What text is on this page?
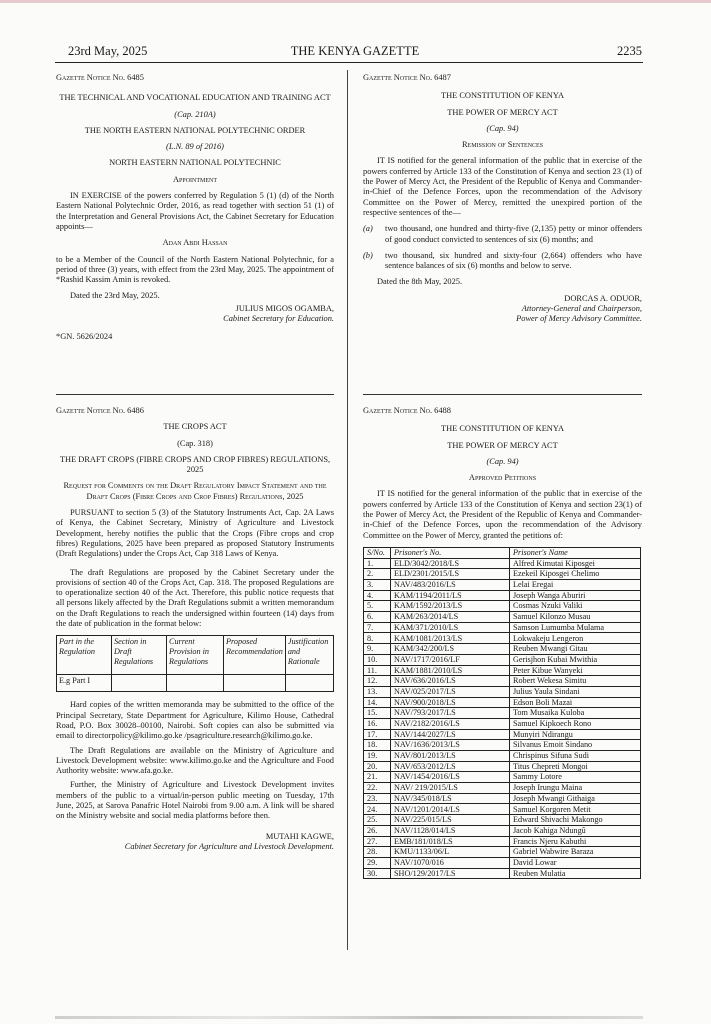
23rd May, 2025	THE KENYA GAZETTE	2235

Gazette Notice No. 6485

THE TECHNICAL AND VOCATIONAL EDUCATION AND TRAINING ACT

(Cap. 210A)

THE NORTH EASTERN NATIONAL POLYTECHNIC ORDER

(L.N. 89 of 2016)

NORTH EASTERN NATIONAL POLYTECHNIC

Appointment

IN EXERCISE of the powers conferred by Regulation 5 (1) (d) of the North Eastern National Polytechnic Order, 2016, as read together with section 51 (1) of the Interpretation and General Provisions Act, the Cabinet Secretary for Education appoints—

Adan Abdi Hassan

to be a Member of the Council of the North Eastern National Polytechnic, for a period of three (3) years, with effect from the 23rd May, 2025. The appointment of *Rashid Kassim Amin is revoked.

Dated the 23rd May, 2025.

JULIUS MIGOS OGAMBA,

Cabinet Secretary for Education.

*GN. 5626/2024

Gazette Notice No. 6486

THE CROPS ACT

(Cap. 318)

THE DRAFT CROPS (FIBRE CROPS AND CROP FIBRES) REGULATIONS, 2025

Request for Comments on the Draft Regulatory Impact Statement and the Draft Crops (Fibre Crops and Crop Fibres) Regulations, 2025

PURSUANT to section 5 (3) of the Statutory Instruments Act, Cap. 2A Laws of Kenya, the Cabinet Secretary, Ministry of Agriculture and Livestock Development, hereby notifies the public that the Crops (Fibre crops and crop fibres) Regulations, 2025 have been prepared as proposed Statutory Instruments (Draft Regulations) under the Crops Act, Cap 318 Laws of Kenya.

The draft Regulations are proposed by the Cabinet Secretary under the provisions of section 40 of the Crops Act, Cap. 318. The proposed Regulations are to operationalize section 40 of the Act. Therefore, this public notice requests that all persons likely affected by the Draft Regulations submit a written memorandum on the Draft Regulations to reach the undersigned within fourteen (14) days from the date of publication in the format below:

Part in the Regulation	Section in Draft Regulations	Current Provision in Regulations	Proposed Recommendation	Justification and Rationale
E.g Part I				

Hard copies of the written memoranda may be submitted to the office of the Principal Secretary, State Department for Agriculture, Kilimo House, Cathedral Road, P.O. Box 30028–00100, Nairobi. Soft copies can also be submitted via email to directorpolicy@kilimo.go.ke /psagriculture.research@kilimo.go.ke.

The Draft Regulations are available on the Ministry of Agriculture and Livestock Development website: www.kilimo.go.ke and the Agriculture and Food Authority website: www.afa.go.ke.

Further, the Ministry of Agriculture and Livestock Development invites members of the public to a virtual/in-person public meeting on Tuesday, 17th June, 2025, at Sarova Panafric Hotel Nairobi from 9.00 a.m. A link will be shared on the Ministry website and social media platforms before then.

MUTAHI KAGWE,

Cabinet Secretary for Agriculture and Livestock Development.

Gazette Notice No. 6487

THE CONSTITUTION OF KENYA

THE POWER OF MERCY ACT

(Cap. 94)

Remission of Sentences

IT IS notified for the general information of the public that in exercise of the powers conferred by Article 133 of the Constitution of Kenya and section 23 (1) of the Power of Mercy Act, the President of the Republic of Kenya and Commander-in-Chief of the Defence Forces, upon the recommendation of the Advisory Committee on the Power of Mercy, remitted the unexpired portion of the respective sentences of the—

(a)	two thousand, one hundred and thirty-five (2,135) petty or minor offenders of good conduct convicted to sentences of six (6) months; and
(b)	two thousand, six hundred and sixty-four (2,664) offenders who have sentence balances of six (6) months and below to serve.

Dated the 8th May, 2025.

DORCAS A. ODUOR,

Attorney-General and Chairperson,

Power of Mercy Advisory Committee.

Gazette Notice No. 6488

THE CONSTITUTION OF KENYA

THE POWER OF MERCY ACT

(Cap. 94)

Approved Petitions

IT IS notified for the general information of the public that in exercise of the powers conferred by Article 133 of the Constitution of Kenya and section 23(1) of the Power of Mercy Act, the President of the Republic of Kenya and Commander-in-Chief of the Defence Forces, upon the recommendation of the Advisory Committee on the Power of Mercy, granted the petitions of:

S/No.	Prisoner's No.	Prisoner's Name
1.	ELD/3042/2018/LS	Alfred Kimutai Kiposgei
2.	ELD/2301/2015/LS	Ezekeil Kiposgei Chelimo
3.	NAV/483/2016/LS	Lelai Eregai
4.	KAM/1194/2011/LS	Joseph Wanga Aburiri
5.	KAM/1592/2013/LS	Cosmas Nzuki Valiki
6.	KAM/263/2014/LS	Samuel Kilonzo Musau
7.	KAM/371/2010/LS	Samson Lumumba Mulama
8.	KAM/1081/2013/LS	Lokwakeju Lengeron
9.	KAM/342/200/LS	Reuben Mwangi Gitau
10.	NAV/1717/2016/LF	Gerisjhon Kubai Mwithia
11.	KAM/1881/2010/LS	Peter Kibue Wanyeki
12.	NAV/636/2016/LS	Robert Wekesa Simitu
13.	NAV/025/2017/LS	Julius Yaula Sindani
14.	NAV/900/2018/LS	Edson Boli Mazai
15.	NAV/793/2017/LS	Tom Musaika Kuloba
16.	NAV/2182/2016/LS	Samuel Kipkoech Rono
17.	NAV/144/2027/LS	Munyiri Ndirangu
18.	NAV/1636/2013/LS	Silvanus Emoit Sindano
19.	NAV/801/2013/LS	Chrispinus Sifuna Sudi
20.	NAV/653/2012/LS	Titus Chepreti Mongoi
21.	NAV/1454/2016/LS	Sammy Lotore
22.	NAV/ 219/2015/LS	Joseph Irungu Maina
23.	NAV/345/018/LS	Joseph Mwangi Githaiga
24.	NAV/1201/2014/LS	Samuel Korgoren Metit
25.	NAV/225/015/LS	Edward Shivachi Makongo
26.	NAV/1128/014/LS	Jacob Kahiga Ndungû
27.	EMB/181/018/LS	Francis Njeru Kabuthi
28.	KMU/1133/06/L	Gabriel Wabwire Baraza
29.	NAV/1070/016	David Lowar
30.	SHO/129/2017/LS	Reuben Mulatia
